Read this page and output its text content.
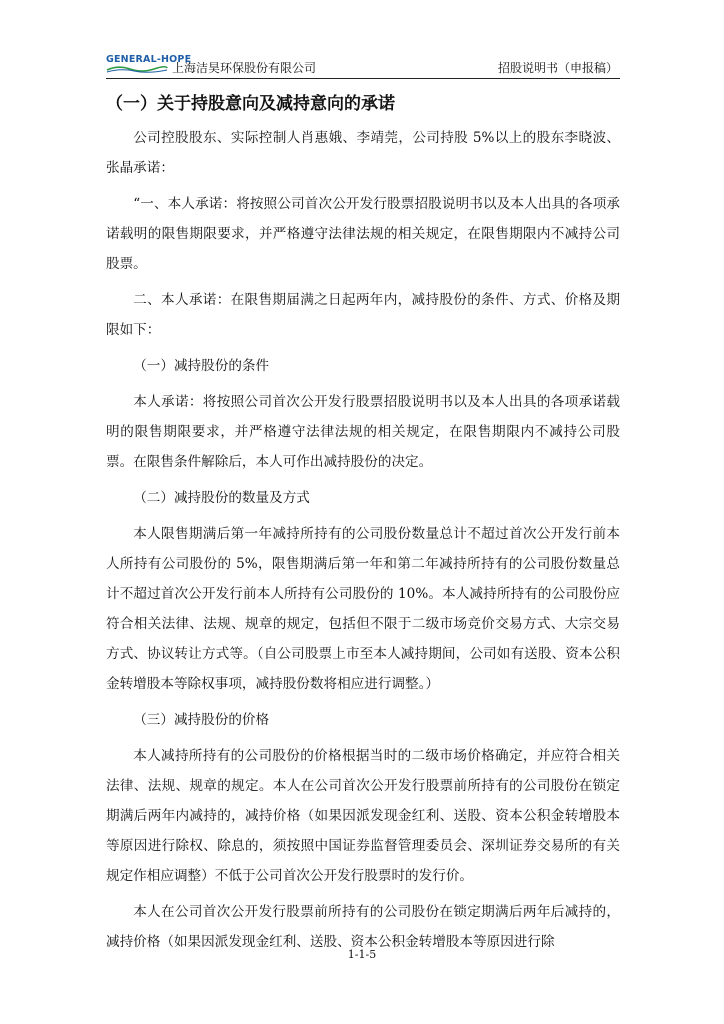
GENERAL-HOPE
上海洁昊环保股份有限公司	招股说明书（申报稿）
（一）关于持股意向及减持意向的承诺

公司控股股东、实际控制人肖惠娥、李靖莞，公司持股 5%以上的股东李晓波、张晶承诺：

“一、本人承诺：将按照公司首次公开发行股票招股说明书以及本人出具的各项承诺载明的限售期限要求，并严格遵守法律法规的相关规定，在限售期限内不减持公司股票。

二、本人承诺：在限售期届满之日起两年内，减持股份的条件、方式、价格及期限如下：

（一）减持股份的条件

本人承诺：将按照公司首次公开发行股票招股说明书以及本人出具的各项承诺载明的限售期限要求，并严格遵守法律法规的相关规定，在限售期限内不减持公司股票。在限售条件解除后，本人可作出减持股份的决定。

（二）减持股份的数量及方式

本人限售期满后第一年减持所持有的公司股份数量总计不超过首次公开发行前本人所持有公司股份的 5%，限售期满后第一年和第二年减持所持有的公司股份数量总计不超过首次公开发行前本人所持有公司股份的 10%。本人减持所持有的公司股份应符合相关法律、法规、规章的规定，包括但不限于二级市场竞价交易方式、大宗交易方式、协议转让方式等。（自公司股票上市至本人减持期间，公司如有送股、资本公积金转增股本等除权事项，减持股份数将相应进行调整。）

（三）减持股份的价格

本人减持所持有的公司股份的价格根据当时的二级市场价格确定，并应符合相关法律、法规、规章的规定。本人在公司首次公开发行股票前所持有的公司股份在锁定期满后两年内减持的，减持价格（如果因派发现金红利、送股、资本公积金转增股本等原因进行除权、除息的，须按照中国证券监督管理委员会、深圳证券交易所的有关规定作相应调整）不低于公司首次公开发行股票时的发行价。

本人在公司首次公开发行股票前所持有的公司股份在锁定期满后两年后减持的，减持价格（如果因派发现金红利、送股、资本公积金转增股本等原因进行除

1-1-5
